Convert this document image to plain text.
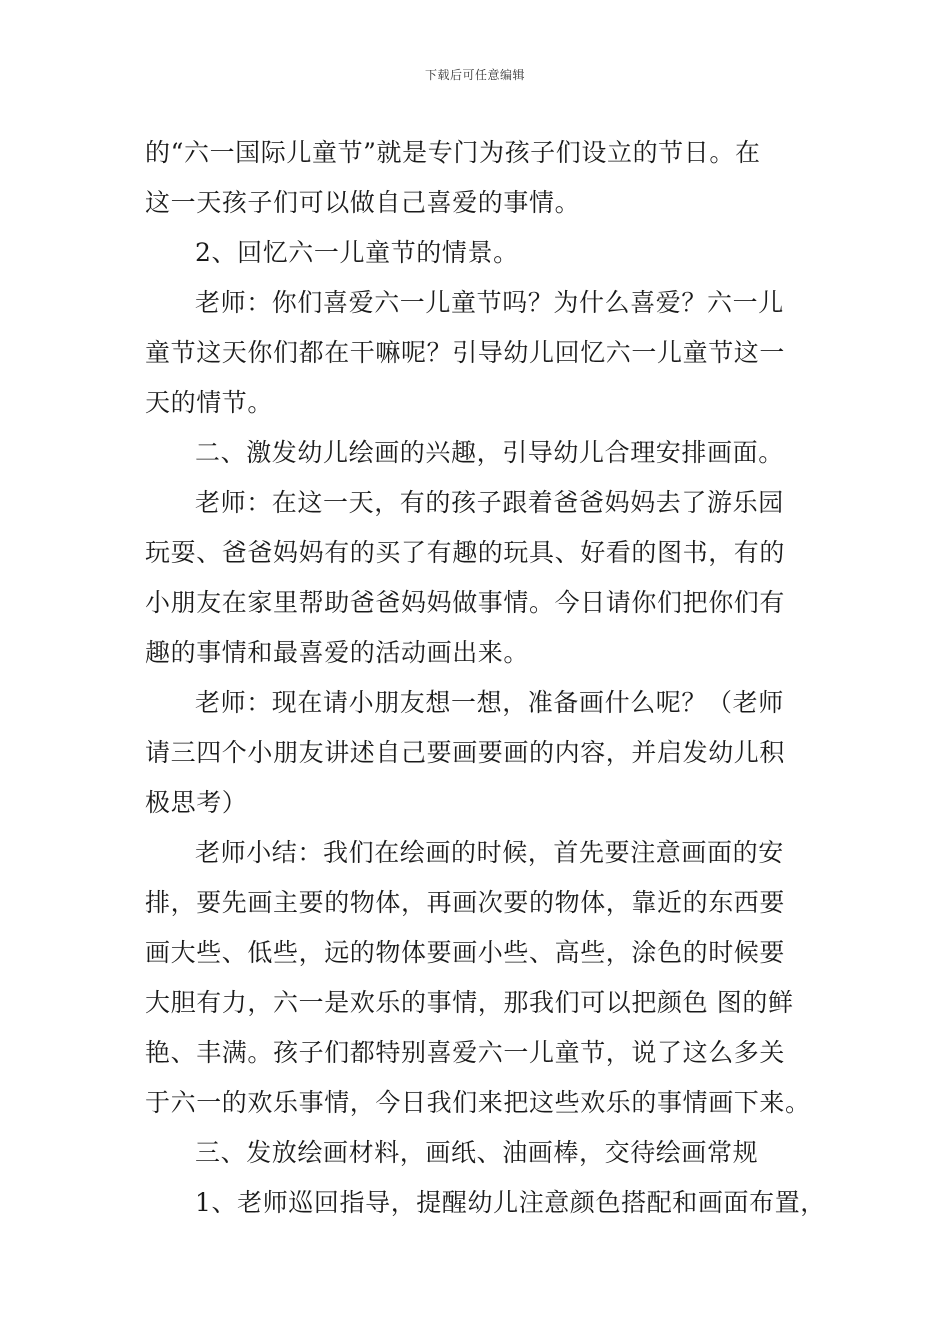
下载后可任意编辑
的“六一国际儿童节”就是专门为孩子们设立的节日。在
这一天孩子们可以做自己喜爱的事情。
2、回忆六一儿童节的情景。
老师：你们喜爱六一儿童节吗？为什么喜爱？六一儿
童节这天你们都在干嘛呢？引导幼儿回忆六一儿童节这一
天的情节。
二、激发幼儿绘画的兴趣，引导幼儿合理安排画面。
老师：在这一天，有的孩子跟着爸爸妈妈去了游乐园
玩耍、爸爸妈妈有的买了有趣的玩具、好看的图书，有的
小朋友在家里帮助爸爸妈妈做事情。今日请你们把你们有
趣的事情和最喜爱的活动画出来。
老师：现在请小朋友想一想，准备画什么呢？（老师
请三四个小朋友讲述自己要画要画的内容，并启发幼儿积
极思考）
老师小结：我们在绘画的时候，首先要注意画面的安
排，要先画主要的物体，再画次要的物体，靠近的东西要
画大些、低些，远的物体要画小些、高些，涂色的时候要
大胆有力，六一是欢乐的事情，那我们可以把颜色 图的鲜
艳、丰满。孩子们都特别喜爱六一儿童节，说了这么多关
于六一的欢乐事情，今日我们来把这些欢乐的事情画下来。
三、发放绘画材料，画纸、油画棒，交待绘画常规
1、老师巡回指导，提醒幼儿注意颜色搭配和画面布置，
